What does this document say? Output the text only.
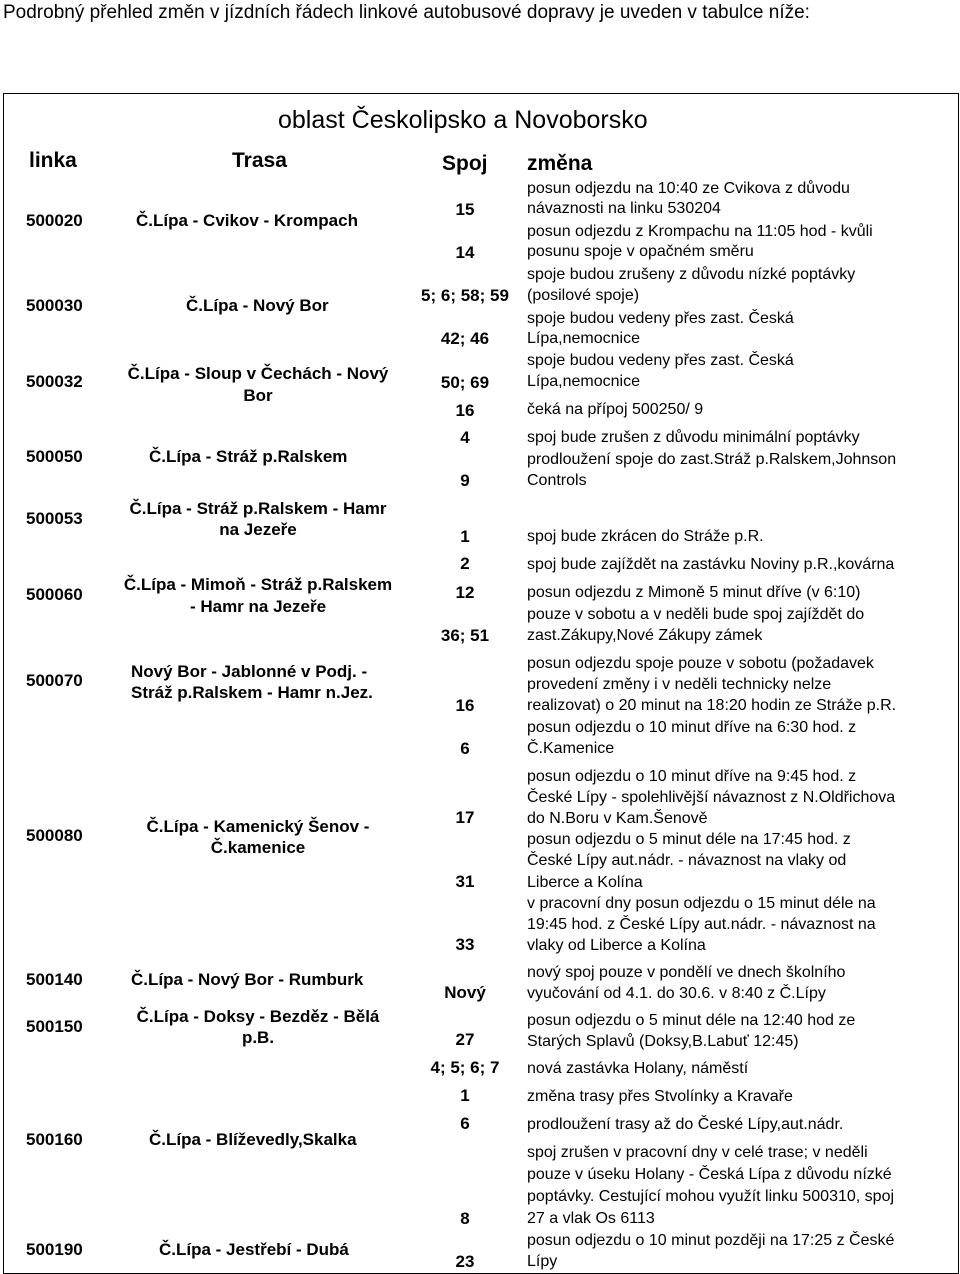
Podrobný přehled změn v jízdních řádech linkové autobusové dopravy je uveden v tabulce níže:
oblast Českolipsko a Novoborsko
linka	Trasa	Spoj změna
500020
500030
500032
500050
500053
500060
500070
500080
500140
500150
500160
500190
Č.Lípa - Cvikov - Krompach
Č.Lípa - Nový Bor
Č.Lípa - Sloup v Čechách - Nový
Bor
Č.Lípa - Stráž p.Ralskem
Č.Lípa - Stráž p.Ralskem - Hamr
na Jezeře
Č.Lípa - Mimoň - Stráž p.Ralskem
- Hamr na Jezeře
Nový Bor - Jablonné v Podj. -
Stráž p.Ralskem - Hamr n.Jez.
Č.Lípa - Kamenický Šenov -
Č.kamenice
Č.Lípa - Nový Bor - Rumburk
Č.Lípa - Doksy - Bezděz - Bělá
p.B.
Č.Lípa - Blíževedly,Skalka
Č.Lípa - Jestřebí - Dubá
15
14
5; 6; 58; 59
42; 46
50; 69
16
4
9
1
2
12
36; 51
16
6
17
31
33
Nový
27
4; 5; 6; 7
1
6
8
23
posun odjezdu na 10:40 ze Cvikova z důvodu
návaznosti na linku 530204
posun odjezdu z Krompachu na 11:05 hod - kvůli
posunu spoje v opačném směru
spoje budou zrušeny z důvodu nízké poptávky
(posilové spoje)
spoje budou vedeny přes zast. Česká
Lípa,nemocnice
spoje budou vedeny přes zast. Česká
Lípa,nemocnice
čeká na přípoj 500250/ 9
spoj bude zrušen z důvodu minimální poptávky
prodloužení spoje do zast.Stráž p.Ralskem,Johnson
Controls
spoj bude zkrácen do Stráže p.R.
spoj bude zajíždět na zastávku Noviny p.R.,kovárna
posun odjezdu z Mimoně 5 minut dříve (v 6:10)
pouze v sobotu a v neděli bude spoj zajíždět do
zast.Zákupy,Nové Zákupy zámek
posun odjezdu spoje pouze v sobotu (požadavek
provedení změny i v neděli technicky nelze
realizovat) o 20 minut na 18:20 hodin ze Stráže p.R.
posun odjezdu o 10 minut dříve na 6:30 hod. z
Č.Kamenice
posun odjezdu o 10 minut dříve na 9:45 hod. z
České Lípy - spolehlivější návaznost z N.Oldřichova
do N.Boru v Kam.Šenově
posun odjezdu o 5 minut déle na 17:45 hod. z
České Lípy aut.nádr. - návaznost na vlaky od
Liberce a Kolína
v pracovní dny posun odjezdu o 15 minut déle na
19:45 hod. z České Lípy aut.nádr. - návaznost na
vlaky od Liberce a Kolína
nový spoj pouze v pondělí ve dnech školního
vyučování od 4.1. do 30.6. v 8:40 z Č.Lípy
posun odjezdu o 5 minut déle na 12:40 hod ze
Starých Splavů (Doksy,B.Labuť 12:45)
nová zastávka Holany, náměstí
změna trasy přes Stvolínky a Kravaře
prodloužení trasy až do České Lípy,aut.nádr.
spoj zrušen v pracovní dny v celé trase; v neděli
pouze v úseku Holany - Česká Lípa z důvodu nízké
poptávky. Cestující mohou využít linku 500310, spoj
27 a vlak Os 6113
posun odjezdu o 10 minut později na 17:25 z České
Lípy
